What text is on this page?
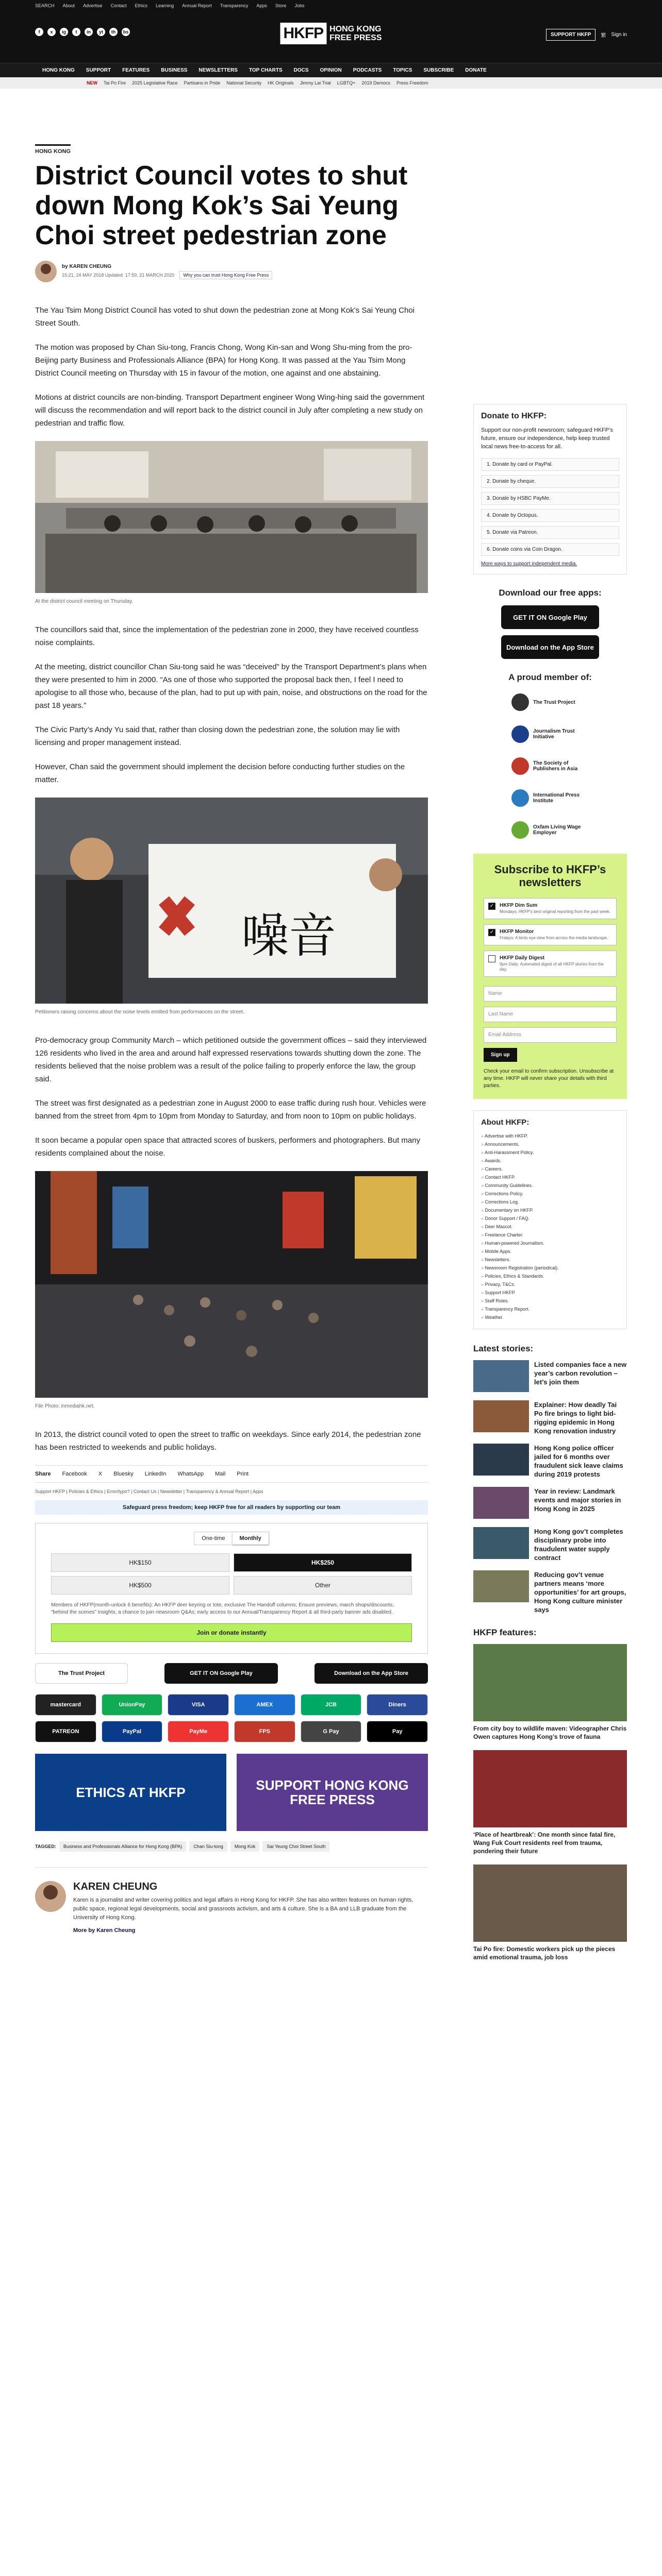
SEARCH About Advertise Contact Ethics Learning Annual Report Transparency Apps Store Jobs
f	x	ig	t	in	yt	th	bs	HKFP HONG KONG
FREE PRESS	SUPPORT HKFP	繁 Sign in
HONG KONG SUPPORT FEATURES BUSINESS NEWSLETTERS TOP CHARTS DOCS OPINION PODCASTS TOPICS SUBSCRIBE DONATE
NEW Tai Po Fire 2025 Legislative Race Partisans in Pride National Security HK Originals Jimmy Lai Trial LGBTQ+ 2019 Democs Press Freedom
HONG KONG
District Council votes to shut down Mong Kok’s Sai Yeung Choi street pedestrian zone
by KAREN CHEUNG
15:21, 24 MAY 2018 Updated: 17:59, 21 MARCH 2020 Why you can trust Hong Kong Free Press

The Yau Tsim Mong District Council has voted to shut down the pedestrian zone at Mong Kok’s Sai Yeung Choi Street South.

The motion was proposed by Chan Siu-tong, Francis Chong, Wong Kin-san and Wong Shu-ming from the pro-Beijing party Business and Professionals Alliance (BPA) for Hong Kong. It was passed at the Yau Tsim Mong District Council meeting on Thursday with 15 in favour of the motion, one against and one abstaining.

Motions at district councils are non-binding. Transport Department engineer Wong Wing-hing said the government will discuss the recommendation and will report back to the district council in July after completing a new study on pedestrian and traffic flow.

At the district council meeting on Thursday.

The councillors said that, since the implementation of the pedestrian zone in 2000, they have received countless noise complaints.

At the meeting, district councillor Chan Siu-tong said he was “deceived” by the Transport Department’s plans when they were presented to him in 2000. “As one of those who supported the proposal back then, I feel I need to apologise to all those who, because of the plan, had to put up with pain, noise, and obstructions on the road for the past 18 years.”

The Civic Party’s Andy Yu said that, rather than closing down the pedestrian zone, the solution may lie with licensing and proper management instead.

However, Chan said the government should implement the decision before conducting further studies on the matter.

噪音
Petitioners raising concerns about the noise levels emitted from performances on the street.

Pro-democracy group Community March – which petitioned outside the government offices – said they interviewed 126 residents who lived in the area and around half expressed reservations towards shutting down the zone. The residents believed that the noise problem was a result of the police failing to properly enforce the law, the group said.

The street was first designated as a pedestrian zone in August 2000 to ease traffic during rush hour. Vehicles were banned from the street from 4pm to 10pm from Monday to Saturday, and from noon to 10pm on public holidays.

It soon became a popular open space that attracted scores of buskers, performers and photographers. But many residents complained about the noise.

File Photo: inmediahk.net.

In 2013, the district council voted to open the street to traffic on weekdays. Since early 2014, the pedestrian zone has been restricted to weekends and public holidays.

Share Facebook X Bluesky LinkedIn WhatsApp Mail Print
Support HKFP | Policies & Ethics | Error/typo? | Contact Us | Newsletter | Transparency & Annual Report | Apps
Safeguard press freedom; keep HKFP free for all readers by supporting our team
One-time	Monthly
HK$150	HK$250
HK$500	Other
Members of HKFP(month-unlock 6 benefits): An HKFP deer keyring or tote, exclusive The Handoff columns; Ensure previews; march shops/discounts; “behind the scenes” insights; a chance to join newsroom Q&As; early access to our Annual/Transparency Report & all third-party banner ads disabled.
Join or donate instantly
The Trust Project	GET IT ON Google Play	Download on the App Store
mastercard	UnionPay	VISA	AMEX	JCB	Diners
PATREON	PayPal	PayMe	FPS	G Pay	Pay
ETHICS AT HKFP	SUPPORT HONG KONG FREE PRESS
TAGGED:	Business and Professionals Alliance for Hong Kong (BPA)	Chan Siu-tong	Mong Kok	Sai Yeung Choi Street South
KAREN CHEUNG

Karen is a journalist and writer covering politics and legal affairs in Hong Kong for HKFP. She has also written features on human rights, public space, regional legal developments, social and grassroots activism, and arts & culture. She is a BA and LLB graduate from the University of Hong Kong.

More by Karen Cheung
Donate to HKFP:
Support our non-profit newsroom; safeguard HKFP’s future, ensure our independence, help keep trusted local news free-to-access for all.
1. Donate by card or PayPal.
2. Donate by cheque.
3. Donate by HSBC PayMe.
4. Donate by Octopus.
5. Donate via Patreon.
6. Donate coins via Coin Dragon.
More ways to support independent media.
Download our free apps:
GET IT ON Google Play
Download on the App Store
A proud member of:
The Trust Project
Journalism Trust Initiative
The Society of Publishers in Asia
International Press Institute
Oxfam Living Wage Employer
Subscribe to HKFP’s newsletters
✓ HKFP Dim Sum
Mondays: HKFP’s best original reporting from the past week.
✓ HKFP Monitor
Fridays: A birds eye view from across the media landscape.
HKFP Daily Digest
9pm Daily: Automated digest of all HKFP stories from the day.
Name
Last Name
Email Address
Sign up
Check your email to confirm subscription. Unsubscribe at any time. HKFP will never share your details with third parties.
About HKFP:
» Advertise with HKFP.
» Announcements.
» Anti-Harassment Policy.
» Awards.
» Careers.
» Contact HKFP.
» Community Guidelines.
» Corrections Policy.
» Corrections Log.
» Documentary on HKFP.
» Donor Support / FAQ.
» Deer Mascot.
» Freelance Charter.
» Human-powered Journalism.
» Mobile Apps.
» Newsletters.
» Newsroom Registration (periodical).
» Policies, Ethics & Standards.
» Privacy, T&Cs.
» Support HKFP.
» Staff Roles.
» Transparency Report.
» Weather.
Latest stories:
Listed companies face a new year’s carbon revolution – let’s join them
Explainer: How deadly Tai Po fire brings to light bid-rigging epidemic in Hong Kong renovation industry
Hong Kong police officer jailed for 6 months over fraudulent sick leave claims during 2019 protests
Year in review: Landmark events and major stories in Hong Kong in 2025
Hong Kong gov’t completes disciplinary probe into fraudulent water supply contract
Reducing gov’t venue partners means ‘more opportunities’ for art groups, Hong Kong culture minister says
HKFP features:
From city boy to wildlife maven: Videographer Chris Owen captures Hong Kong’s trove of fauna
‘Place of heartbreak’: One month since fatal fire, Wang Fuk Court residents reel from trauma, pondering their future
Tai Po fire: Domestic workers pick up the pieces amid emotional trauma, job loss
